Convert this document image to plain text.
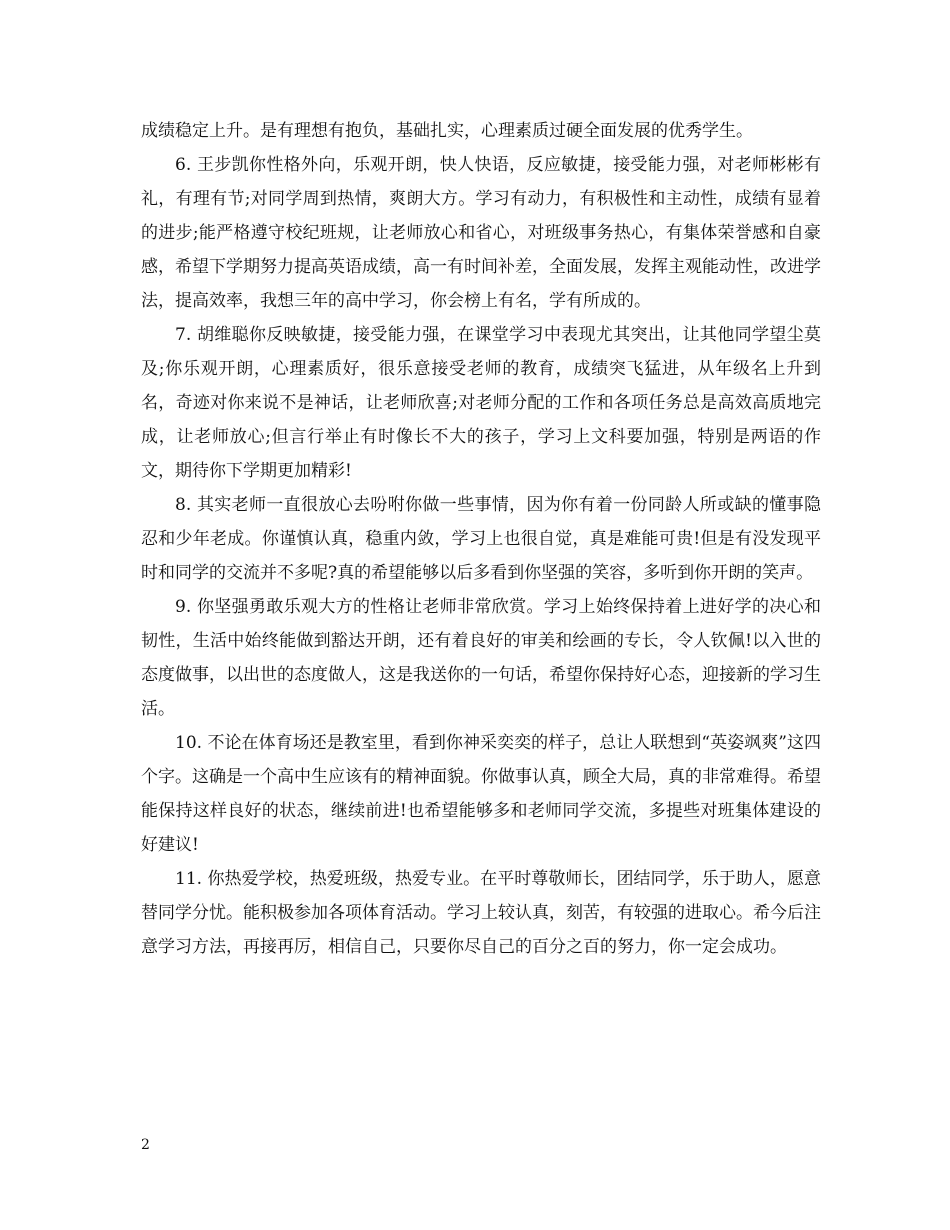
成绩稳定上升。是有理想有抱负，基础扎实，心理素质过硬全面发展的优秀学生。

6. 王步凯你性格外向，乐观开朗，快人快语，反应敏捷，接受能力强，对老师彬彬有礼，有理有节;对同学周到热情，爽朗大方。学习有动力，有积极性和主动性，成绩有显着的进步;能严格遵守校纪班规，让老师放心和省心，对班级事务热心，有集体荣誉感和自豪感，希望下学期努力提高英语成绩，高一有时间补差，全面发展，发挥主观能动性，改进学法，提高效率，我想三年的高中学习，你会榜上有名，学有所成的。

7. 胡维聪你反映敏捷，接受能力强，在课堂学习中表现尤其突出，让其他同学望尘莫及;你乐观开朗，心理素质好，很乐意接受老师的教育，成绩突飞猛进，从年级名上升到名，奇迹对你来说不是神话，让老师欣喜;对老师分配的工作和各项任务总是高效高质地完成，让老师放心;但言行举止有时像长不大的孩子，学习上文科要加强，特别是两语的作文，期待你下学期更加精彩!

8. 其实老师一直很放心去吩咐你做一些事情，因为你有着一份同龄人所或缺的懂事隐忍和少年老成。你谨慎认真，稳重内敛，学习上也很自觉，真是难能可贵!但是有没发现平时和同学的交流并不多呢?真的希望能够以后多看到你坚强的笑容，多听到你开朗的笑声。

9. 你坚强勇敢乐观大方的性格让老师非常欣赏。学习上始终保持着上进好学的决心和韧性，生活中始终能做到豁达开朗，还有着良好的审美和绘画的专长，令人钦佩!以入世的态度做事，以出世的态度做人，这是我送你的一句话，希望你保持好心态，迎接新的学习生活。

10. 不论在体育场还是教室里，看到你神采奕奕的样子，总让人联想到“英姿飒爽”这四个字。这确是一个高中生应该有的精神面貌。你做事认真，顾全大局，真的非常难得。希望能保持这样良好的状态，继续前进!也希望能够多和老师同学交流，多提些对班集体建设的好建议!

11. 你热爱学校，热爱班级，热爱专业。在平时尊敬师长，团结同学，乐于助人，愿意替同学分忧。能积极参加各项体育活动。学习上较认真，刻苦，有较强的进取心。希今后注意学习方法，再接再厉，相信自己，只要你尽自己的百分之百的努力，你一定会成功。

2
